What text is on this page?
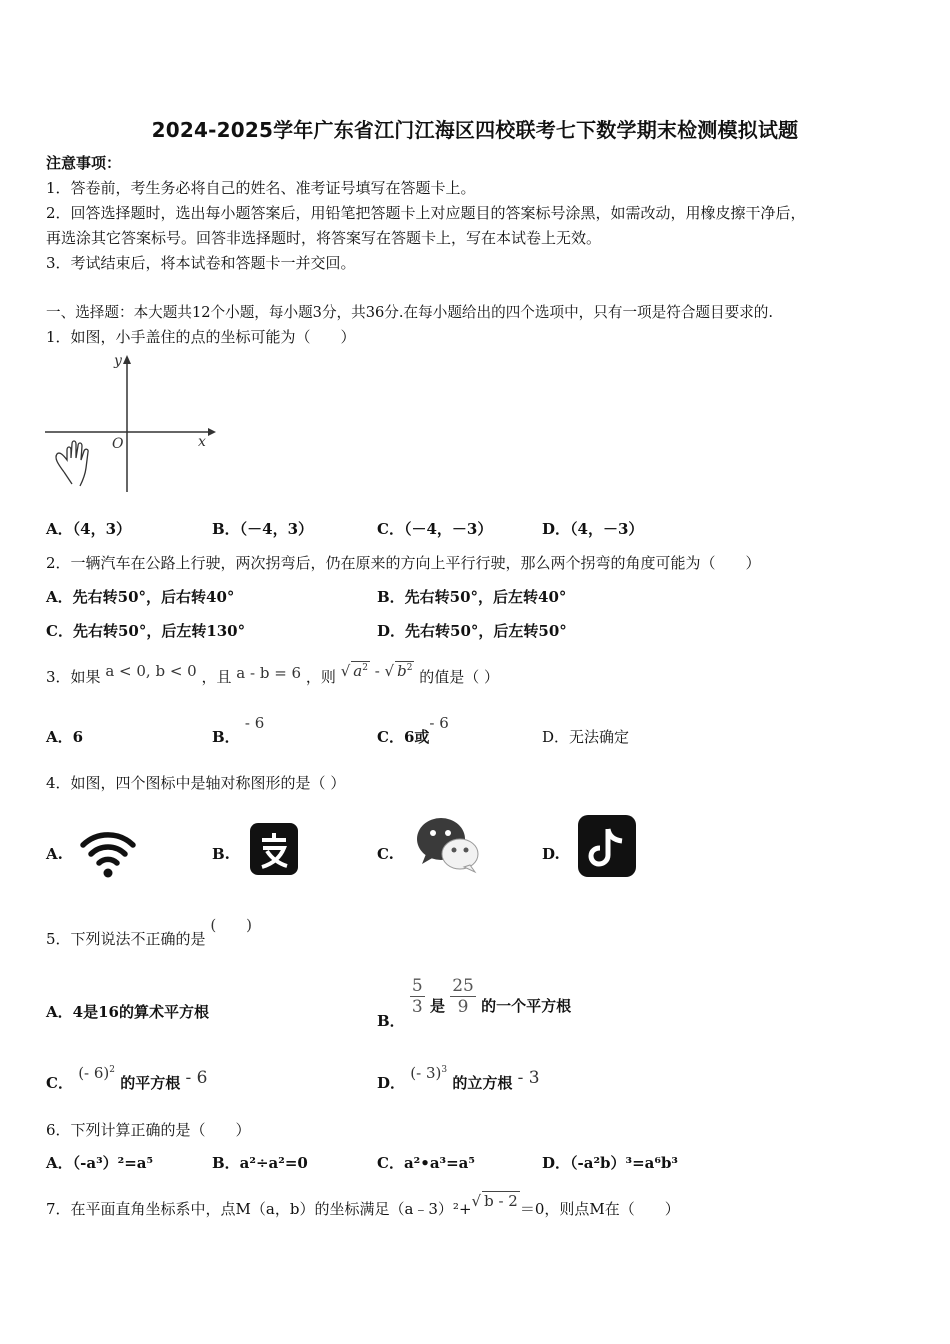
2024-2025学年广东省江门江海区四校联考七下数学期末检测模拟试题
注意事项：
1．答卷前，考生务必将自己的姓名、准考证号填写在答题卡上。
2．回答选择题时，选出每小题答案后，用铅笔把答题卡上对应题目的答案标号涂黑，如需改动，用橡皮擦干净后，
再选涂其它答案标号。回答非选择题时，将答案写在答题卡上，写在本试卷上无效。
3．考试结束后，将本试卷和答题卡一并交回。
一、选择题：本大题共12个小题，每小题3分，共36分.在每小题给出的四个选项中，只有一项是符合题目要求的.
1．如图，小手盖住的点的坐标可能为（　　）
y
x
O
A．（4，3）	B．（－4，3）	C．（－4，－3）	D．（4，－3）
2．一辆汽车在公路上行驶，两次拐弯后，仍在原来的方向上平行行驶，那么两个拐弯的角度可能为（　　）
A．先右转50°，后右转40°	B．先右转50°，后左转40°
C．先右转50°，后左转130°	D．先右转50°，后左转50°
3．如果 a < 0, b < 0 ，且 a - b = 6 ，则 √ $a^2$ - √ $b^2$ 的值是（ ）
A．6	B． - 6
C．6或- 6
D．无法确定
4．如图，四个图标中是轴对称图形的是（ ）
A.	B.	C.	D.
5．下列说法不正确的是 (　　)
A．4是16的算术平方根	B．
$\frac{5}{3}$ 是 $\frac{25}{9}$ 的一个平方根
C． (- 6)$^2$ 的平方根 - 6	D． (- 3)$^3$ 的立方根 - 3
6．下列计算正确的是（　　）
A．（-a³）²=a⁵	B．a²÷a²=0	C．a²•a³=a⁵	D．（-a²b）³=a⁶b³
7．在平面直角坐标系中，点M（a，b）的坐标满足（a﹣3）²+√ b - 2 ＝0，则点M在（　　）
